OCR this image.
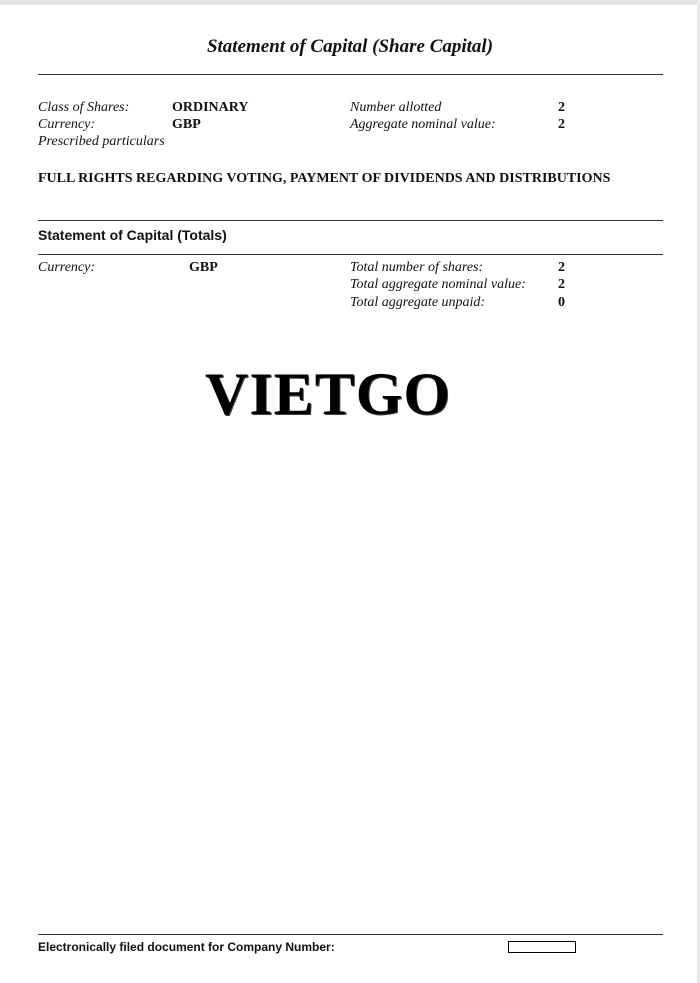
Statement of Capital (Share Capital)
Class of Shares:	ORDINARY	Number allotted	2
Currency:	GBP	Aggregate nominal value:	2
Prescribed particulars
FULL RIGHTS REGARDING VOTING, PAYMENT OF DIVIDENDS AND DISTRIBUTIONS
Statement of Capital (Totals)
Currency:	GBP	Total number of shares:	2
Total aggregate nominal value: 2
Total aggregate unpaid:	0
VIETGO
Electronically filed document for Company Number:
